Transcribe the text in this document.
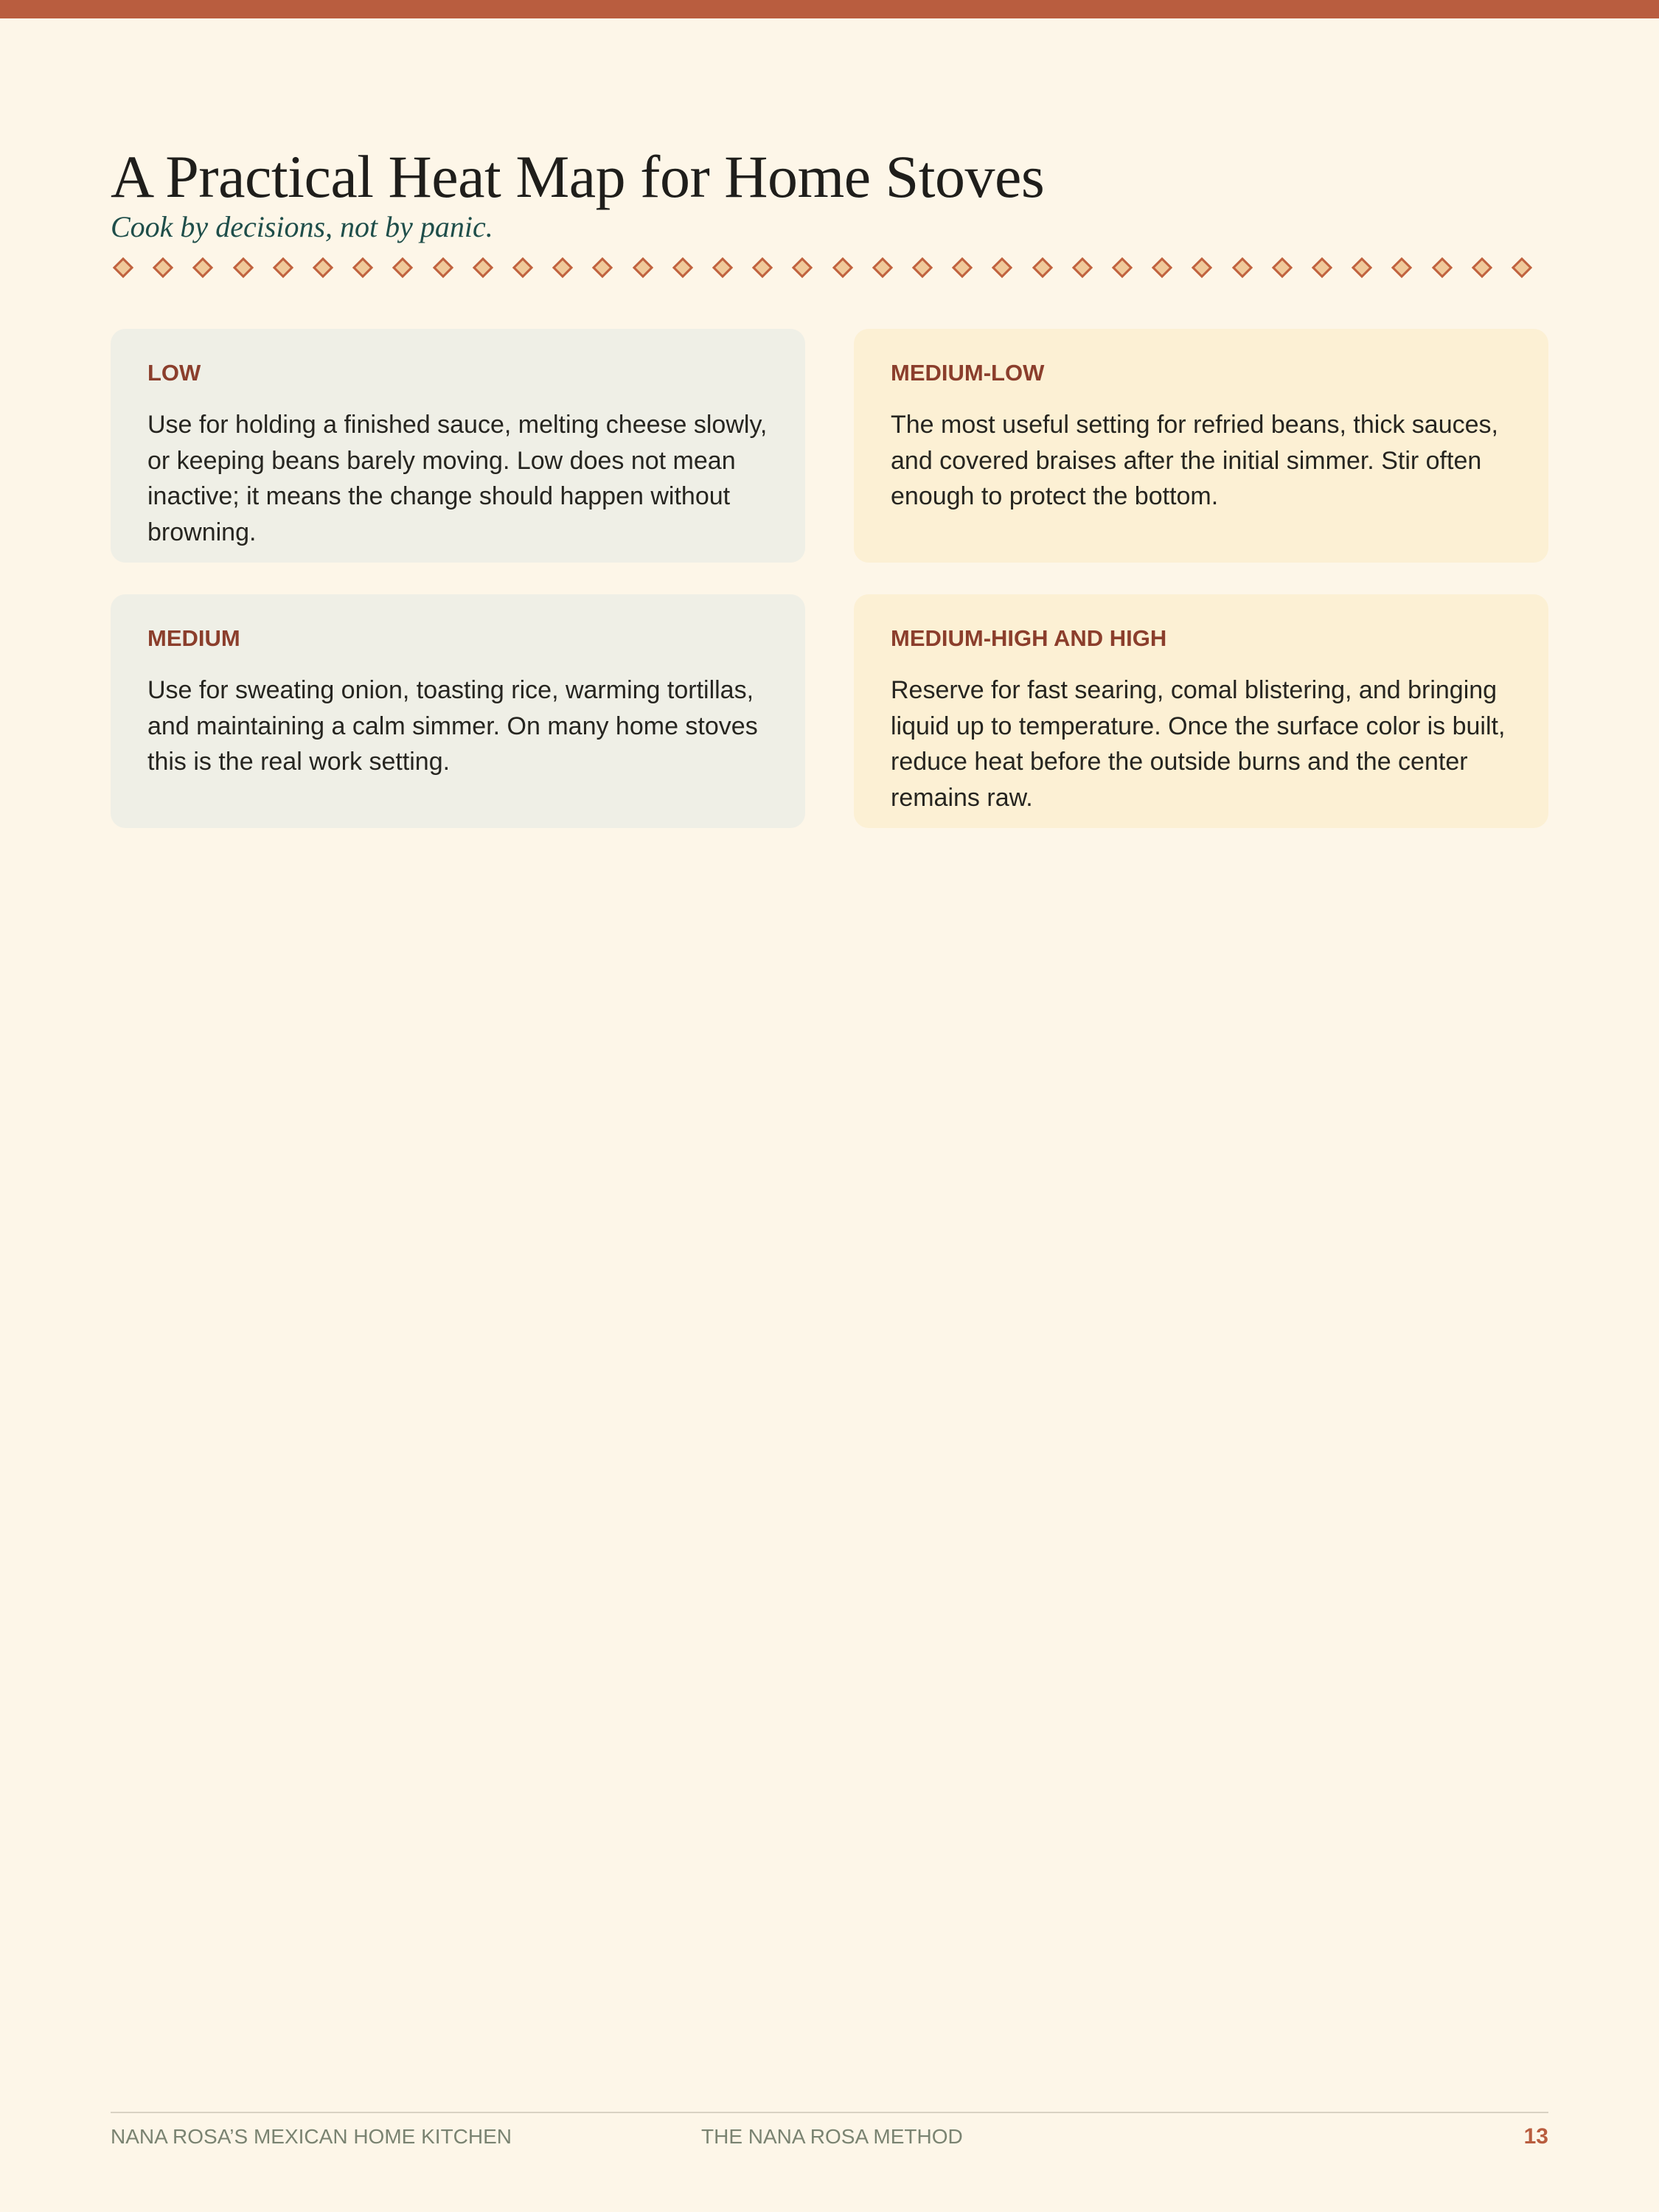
A Practical Heat Map for Home Stoves

Cook by decisions, not by panic.

LOW

Use for holding a finished sauce, melting cheese slowly, or keeping beans barely moving. Low does not mean inactive; it means the change should happen without browning.

MEDIUM-LOW

The most useful setting for refried beans, thick sauces, and covered braises after the initial simmer. Stir often enough to protect the bottom.

MEDIUM

Use for sweating onion, toasting rice, warming tortillas, and maintaining a calm simmer. On many home stoves this is the real work setting.

MEDIUM-HIGH AND HIGH

Reserve for fast searing, comal blistering, and bringing liquid up to temperature. Once the surface color is built, reduce heat before the outside burns and the center remains raw.

NANA ROSA’S MEXICAN HOME KITCHEN	THE NANA ROSA METHOD	13
